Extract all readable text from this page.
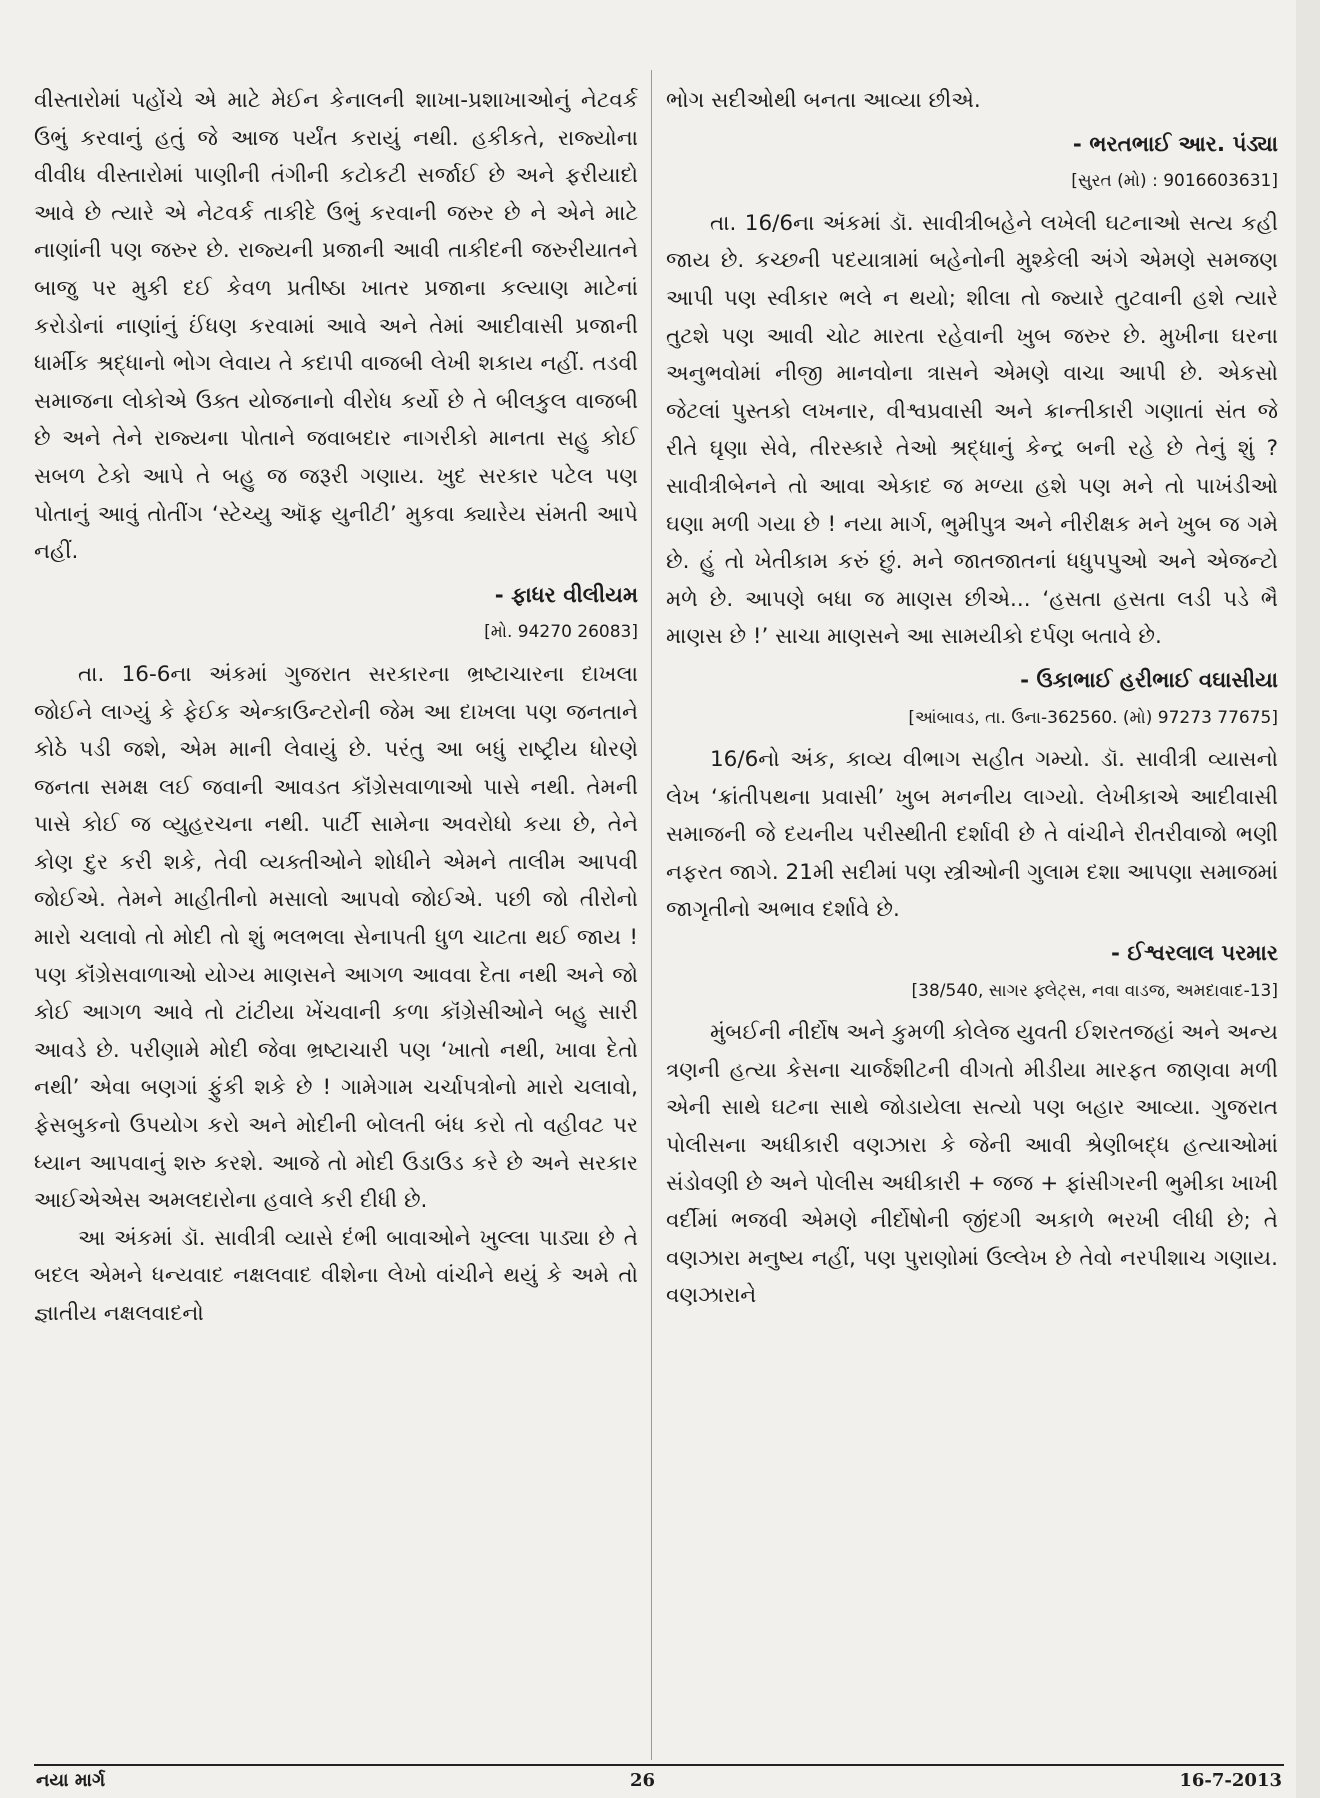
વીસ્તારોમાં પહોંચે એ માટે મેઈન કેનાલની શાખા-પ્રશાખાઓનું નેટવર્ક ઉભું કરવાનું હતું જે આજ પર્યંત કરાયું નથી. હકીકતે, રાજ્યોના વીવીધ વીસ્તારોમાં પાણીની તંગીની કટોકટી સર્જાઈ છે અને ફરીયાદો આવે છે ત્યારે એ નેટવર્ક તાકીદે ઉભું કરવાની જરુર છે ને એને માટે નાણાંની પણ જરુર છે. રાજ્યની પ્રજાની આવી તાકીદની જરુરીયાતને બાજુ પર મુકી દઈ કેવળ પ્રતીષ્ઠા ખાતર પ્રજાના કલ્યાણ માટેનાં કરોડોનાં નાણાંનું ઈંધણ કરવામાં આવે અને તેમાં આદીવાસી પ્રજાની ધાર્મીક શ્રદ્ધાનો ભોગ લેવાય તે કદાપી વાજબી લેખી શકાય નહીં. તડવી સમાજના લોકોએ ઉક્ત યોજનાનો વીરોધ કર્યો છે તે બીલકુલ વાજબી છે અને તેને રાજ્યના પોતાને જવાબદાર નાગરીકો માનતા સહુ કોઈ સબળ ટેકો આપે તે બહુ જ જરૂરી ગણાય. ખુદ સરકાર પટેલ પણ પોતાનું આવું તોતીંગ ‘સ્ટેચ્યુ ઑફ યુનીટી’ મુકવા ક્યારેય સંમતી આપે નહીં.

- ફાધર વીલીયમ

[મો. 94270 26083]

તા. 16-6ના અંકમાં ગુજરાત સરકારના ભ્રષ્ટાચારના દાખલા જોઈને લાગ્યું કે ફેઈક એન્કાઉન્ટરોની જેમ આ દાખલા પણ જનતાને કોઠે પડી જશે, એમ માની લેવાયું છે. પરંતુ આ બધું રાષ્ટ્રીય ધોરણે જનતા સમક્ષ લઈ જવાની આવડત કૉંગ્રેસવાળાઓ પાસે નથી. તેમની પાસે કોઈ જ વ્યુહરચના નથી. પાર્ટી સામેના અવરોધો કયા છે, તેને કોણ દુર કરી શકે, તેવી વ્યક્તીઓને શોધીને એમને તાલીમ આપવી જોઈએ. તેમને માહીતીનો મસાલો આપવો જોઈએ. પછી જો તીરોનો મારો ચલાવો તો મોદી તો શું ભલભલા સેનાપતી ધુળ ચાટતા થઈ જાય ! પણ કૉંગ્રેસવાળાઓ યોગ્ય માણસને આગળ આવવા દેતા નથી અને જો કોઈ આગળ આવે તો ટાંટીયા ખેંચવાની કળા કૉંગ્રેસીઓને બહુ સારી આવડે છે. પરીણામે મોદી જેવા ભ્રષ્ટાચારી પણ ‘ખાતો નથી, ખાવા દેતો નથી’ એવા બણગાં ફુંકી શકે છે ! ગામેગામ ચર્ચાપત્રોનો મારો ચલાવો, ફેસબુકનો ઉપયોગ કરો અને મોદીની બોલતી બંધ કરો તો વહીવટ પર ધ્યાન આપવાનું શરુ કરશે. આજે તો મોદી ઉડાઉડ કરે છે અને સરકાર આઈએએસ અમલદારોના હવાલે કરી દીધી છે.

આ અંકમાં ડૉ. સાવીત્રી વ્યાસે દંભી બાવાઓને ખુલ્લા પાડ્યા છે તે બદલ એમને ધન્યવાદ નક્ષલવાદ વીશેના લેખો વાંચીને થયું કે અમે તો જ્ઞાતીય નક્ષલવાદનો

ભોગ સદીઓથી બનતા આવ્યા છીએ.

- ભરતભાઈ આર. પંડ્યા

[સુરત (મો) : 9016603631]

તા. 16/6ના અંકમાં ડૉ. સાવીત્રીબહેને લખેલી ઘટનાઓ સત્ય કહી જાય છે. કચ્છની પદયાત્રામાં બહેનોની મુશ્કેલી અંગે એમણે સમજણ આપી પણ સ્વીકાર ભલે ન થયો; શીલા તો જ્યારે તુટવાની હશે ત્યારે તુટશે પણ આવી ચોટ મારતા રહેવાની ખુબ જરુર છે. મુખીના ઘરના અનુભવોમાં નીજી માનવોના ત્રાસને એમણે વાચા આપી છે. એકસો જેટલાં પુસ્તકો લખનાર, વીશ્વપ્રવાસી અને ક્રાન્તીકારી ગણાતાં સંત જે રીતે ઘૃણા સેવે, તીરસ્કારે તેઓ શ્રદ્ધાનું કેન્દ્ર બની રહે છે તેનું શું ? સાવીત્રીબેનને તો આવા એકાદ જ મળ્યા હશે પણ મને તો પાખંડીઓ ઘણા મળી ગયા છે ! નયા માર્ગ, ભુમીપુત્ર અને નીરીક્ષક મને ખુબ જ ગમે છે. હું તો ખેતીકામ કરું છું. મને જાતજાતનાં ધધુપપુઓ અને એજન્ટો મળે છે. આપણે બધા જ માણસ છીએ... ‘હસતા હસતા લડી પડે ભૈ માણસ છે !’ સાચા માણસને આ સામયીકો દર્પણ બતાવે છે.

- ઉકાભાઈ હરીભાઈ વઘાસીયા

[આંબાવડ, તા. ઉના-362560. (મો) 97273 77675]

16/6નો અંક, કાવ્ય વીભાગ સહીત ગમ્યો. ડૉ. સાવીત્રી વ્યાસનો લેખ ‘ક્રાંતીપથના પ્રવાસી’ ખુબ મનનીય લાગ્યો. લેખીકાએ આદીવાસી સમાજની જે દયનીય પરીસ્થીતી દર્શાવી છે તે વાંચીને રીતરીવાજો ભણી નફરત જાગે. 21મી સદીમાં પણ સ્ત્રીઓની ગુલામ દશા આપણા સમાજમાં જાગૃતીનો અભાવ દર્શાવે છે.

- ઈશ્વરલાલ પરમાર

[38/540, સાગર ફ્લેટ્સ, નવા વાડજ, અમદાવાદ-13]

મુંબઈની નીર્દોષ અને કુમળી કોલેજ યુવતી ઈશરતજહાં અને અન્ય ત્રણની હત્યા કેસના ચાર્જશીટની વીગતો મીડીયા મારફત જાણવા મળી એની સાથે ઘટના સાથે જોડાયેલા સત્યો પણ બહાર આવ્યા. ગુજરાત પોલીસના અધીકારી વણઝારા કે જેની આવી શ્રેણીબદ્ધ હત્યાઓમાં સંડોવણી છે અને પોલીસ અધીકારી + જજ + ફાંસીગરની ભુમીકા ખાખી વર્દીમાં ભજવી એમણે નીર્દોષોની જીંદગી અકાળે ભરખી લીધી છે; તે વણઝારા મનુષ્ય નહીં, પણ પુરાણોમાં ઉલ્લેખ છે તેવો નરપીશાચ ગણાય. વણઝારાને

નયા માર્ગ	26	16-7-2013
